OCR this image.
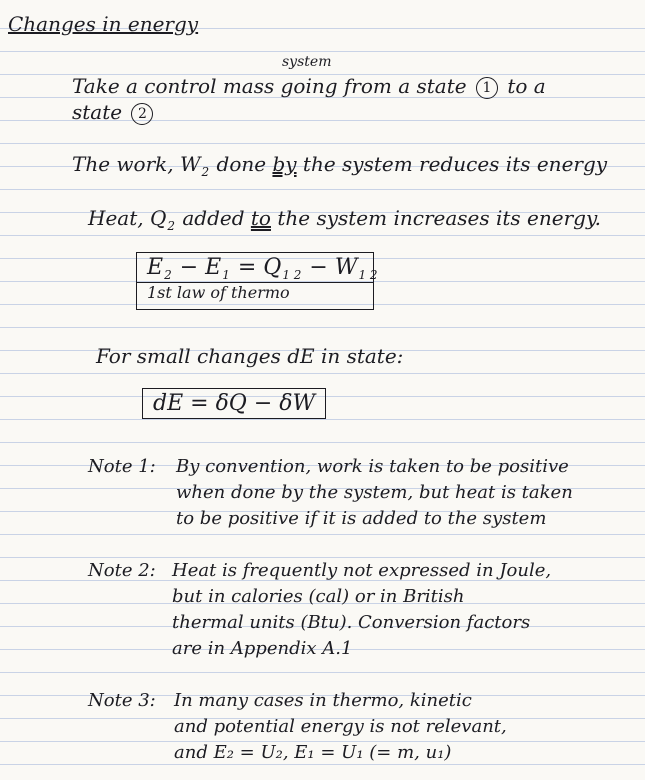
Changes in energy
system
Take a control mass going from a state 1 to a
state 2
The work, $W_2$ done by the system reduces its energy
Heat, $Q_2$ added to the system increases its energy.
$E_2 - E_1 = Q_{1 2} - W_{1 2}$
1st law of thermo
For small changes dE in state:
dE = δQ − δW
Note 1: By convention, work is taken to be positive
when done by the system, but heat is taken
to be positive if it is added to the system
Note 2: Heat is frequently not expressed in Joule,
but in calories (cal) or in British
thermal units (Btu). Conversion factors
are in Appendix A.1
Note 3: In many cases in thermo, kinetic
and potential energy is not relevant,
and E₂ = U₂, E₁ = U₁ (= m, u₁)
